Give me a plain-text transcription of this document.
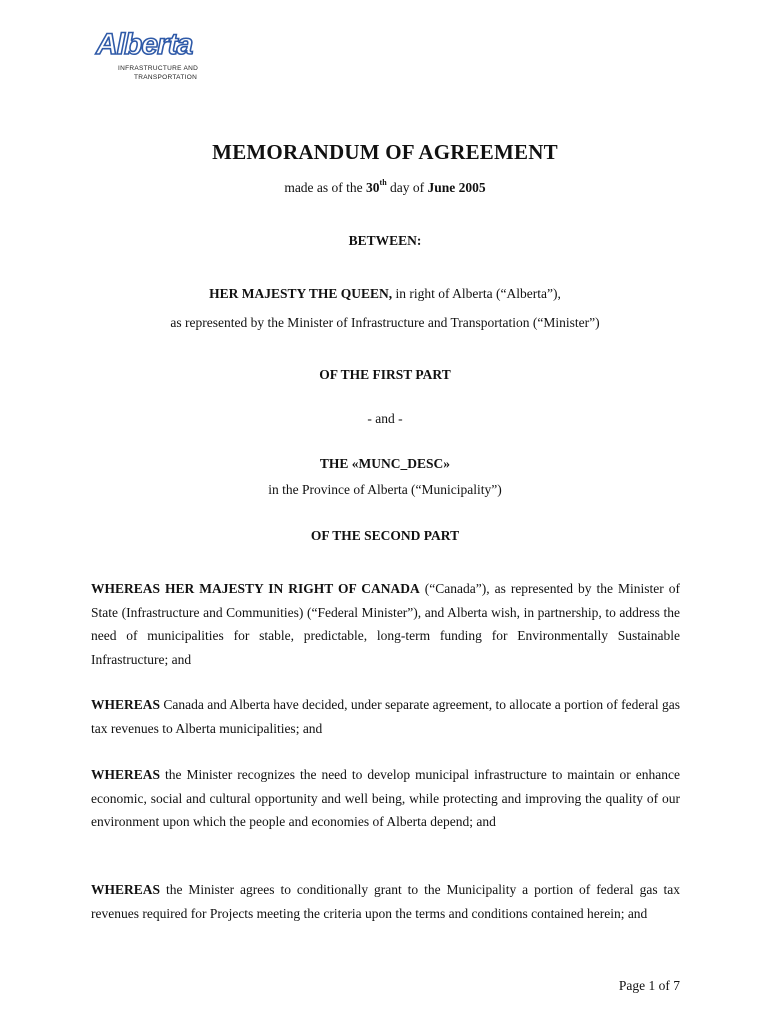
Alberta
INFRASTRUCTURE AND
TRANSPORTATION
MEMORANDUM OF AGREEMENT
made as of the 30th day of June 2005
BETWEEN:
HER MAJESTY THE QUEEN, in right of Alberta (“Alberta”),
as represented by the Minister of Infrastructure and Transportation (“Minister”)
OF THE FIRST PART
- and -
THE «MUNC_DESC»
in the Province of Alberta (“Municipality”)
OF THE SECOND PART
WHEREAS HER MAJESTY IN RIGHT OF CANADA (“Canada”), as represented by the Minister of State (Infrastructure and Communities) (“Federal Minister”), and Alberta wish, in partnership, to address the need of municipalities for stable, predictable, long-term funding for Environmentally Sustainable Infrastructure; and
WHEREAS Canada and Alberta have decided, under separate agreement, to allocate a portion of federal gas tax revenues to Alberta municipalities; and
WHEREAS the Minister recognizes the need to develop municipal infrastructure to maintain or enhance economic, social and cultural opportunity and well being, while protecting and improving the quality of our environment upon which the people and economies of Alberta depend; and
WHEREAS the Minister agrees to conditionally grant to the Municipality a portion of federal gas tax revenues required for Projects meeting the criteria upon the terms and conditions contained herein; and
Page 1 of 7
